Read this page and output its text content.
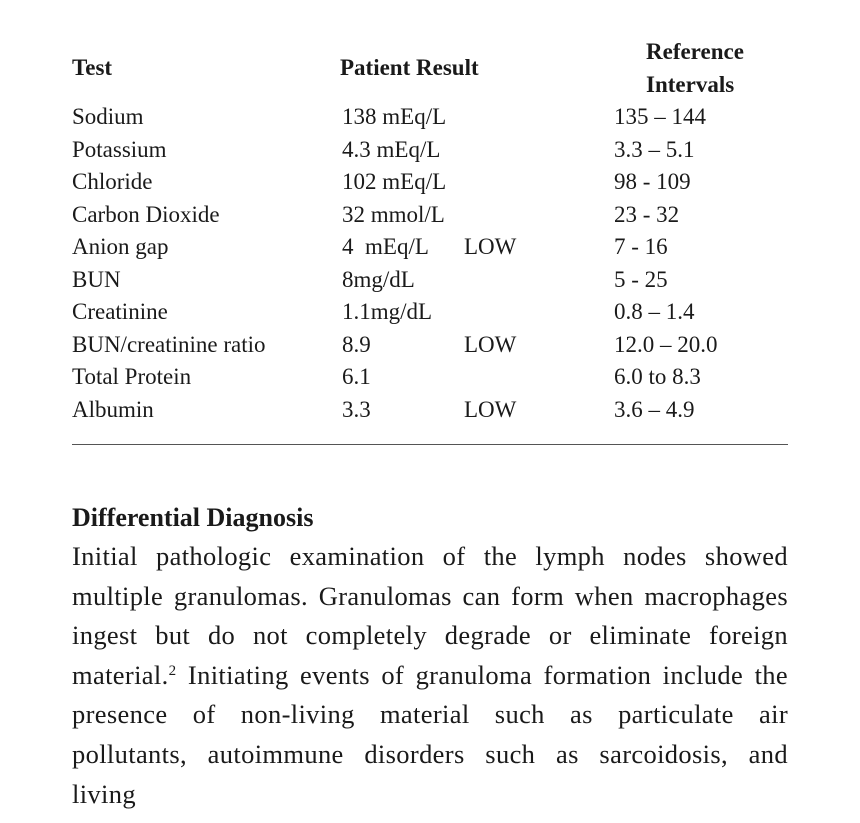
Test	Patient Result		Reference Intervals
Sodium	138 mEq/L		135 – 144
Potassium	4.3 mEq/L		3.3 – 5.1
Chloride	102 mEq/L		98 - 109
Carbon Dioxide	32 mmol/L		23 - 32
Anion gap	4  mEq/L	LOW	7 - 16
BUN	8mg/dL		5 - 25
Creatinine	1.1mg/dL		0.8 – 1.4
BUN/creatinine ratio	8.9	LOW	12.0 – 20.0
Total Protein	6.1		6.0 to 8.3
Albumin	3.3	LOW	3.6 – 4.9
Differential Diagnosis

Initial pathologic examination of the lymph nodes showed multiple granulomas. Granulomas can form when macrophages ingest but do not completely degrade or eliminate foreign material.$^2$ Initiating events of granuloma formation include the presence of non-living material such as particulate air pollutants, autoimmune disorders such as sarcoidosis, and living
